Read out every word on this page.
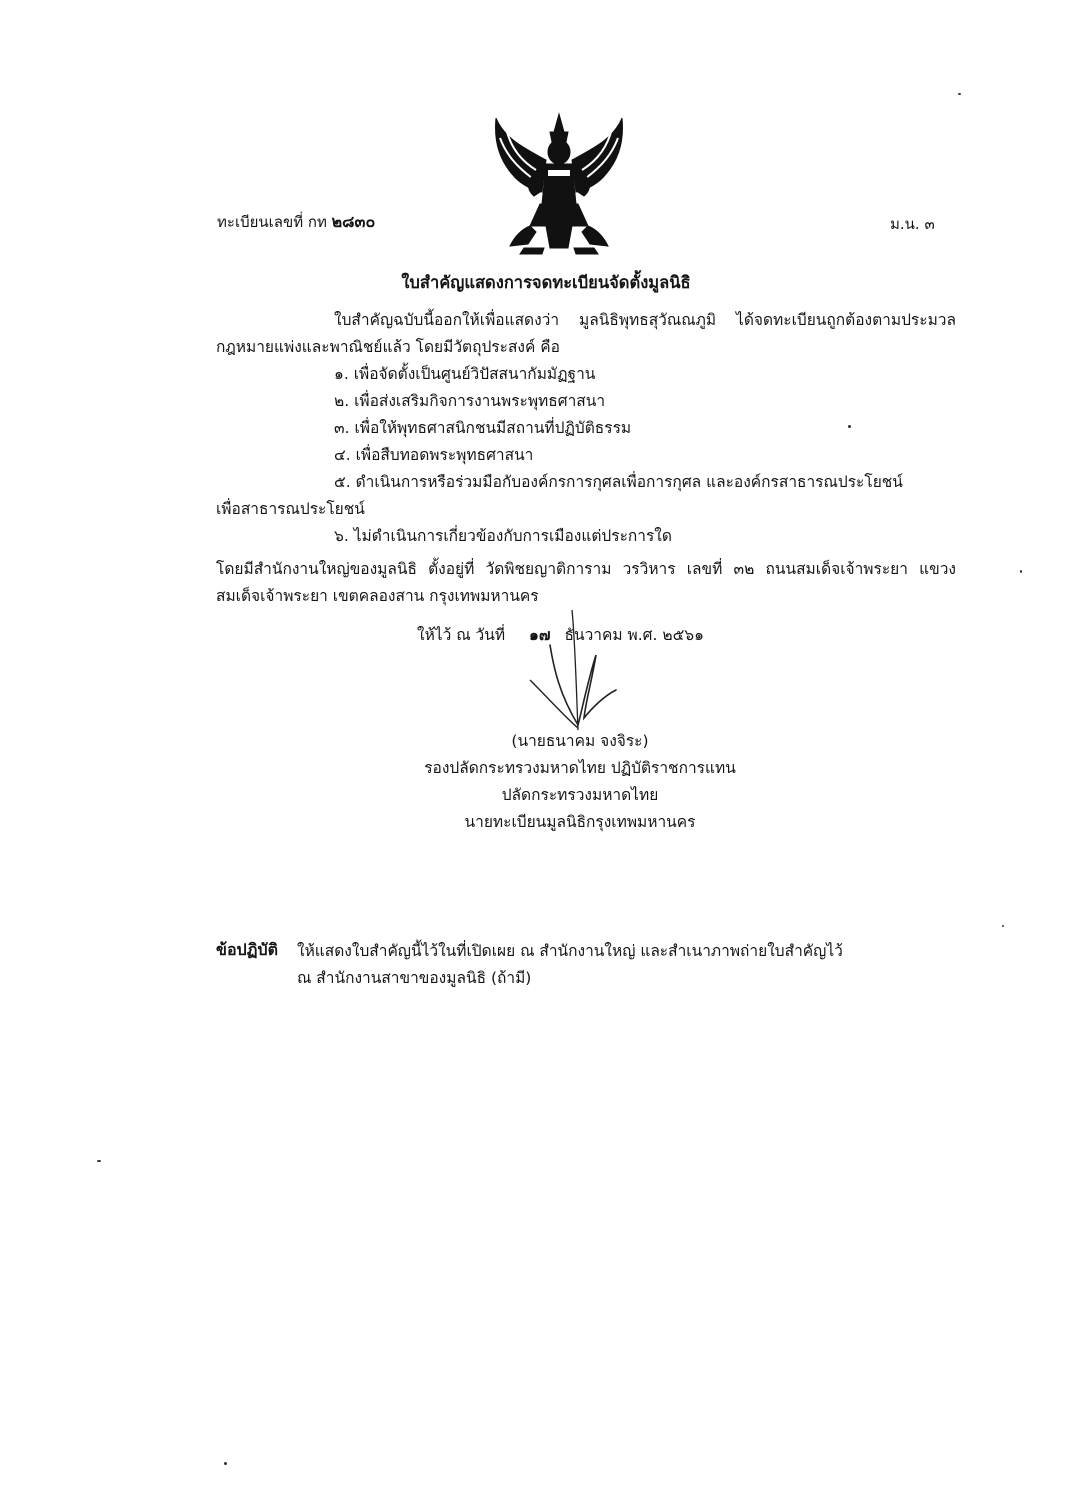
ทะเบียนเลขที่ กท ๒๘๓๐	ม.น. ๓
ใบสำคัญแสดงการจดทะเบียนจัดตั้งมูลนิธิ
ใบสำคัญฉบับนี้ออกให้เพื่อแสดงว่า มูลนิธิพุทธสุวัณณภูมิ ได้จดทะเบียนถูกต้องตามประมวลกฎหมายแพ่งและพาณิชย์แล้ว โดยมีวัตถุประสงค์ คือ
๑. เพื่อจัดตั้งเป็นศูนย์วิปัสสนากัมมัฏฐาน
๒. เพื่อส่งเสริมกิจการงานพระพุทธศาสนา
๓. เพื่อให้พุทธศาสนิกชนมีสถานที่ปฏิบัติธรรม
๔. เพื่อสืบทอดพระพุทธศาสนา
๕. ดำเนินการหรือร่วมมือกับองค์กรการกุศลเพื่อการกุศล และองค์กรสาธารณประโยชน์
เพื่อสาธารณประโยชน์
๖. ไม่ดำเนินการเกี่ยวข้องกับการเมืองแต่ประการใด
โดยมีสำนักงานใหญ่ของมูลนิธิ ตั้งอยู่ที่ วัดพิชยญาติการาม วรวิหาร เลขที่ ๓๒ ถนนสมเด็จเจ้าพระยา แขวงสมเด็จเจ้าพระยา เขตคลองสาน กรุงเทพมหานคร
ให้ไว้ ณ วันที่ ๑๗ ธันวาคม พ.ศ. ๒๕๖๑
(นายธนาคม จงจิระ)
รองปลัดกระทรวงมหาดไทย ปฏิบัติราชการแทน
ปลัดกระทรวงมหาดไทย
นายทะเบียนมูลนิธิกรุงเทพมหานคร
ข้อปฏิบัติ ให้แสดงใบสำคัญนี้ไว้ในที่เปิดเผย ณ สำนักงานใหญ่ และสำเนาภาพถ่ายใบสำคัญไว้
ณ สำนักงานสาขาของมูลนิธิ (ถ้ามี)
